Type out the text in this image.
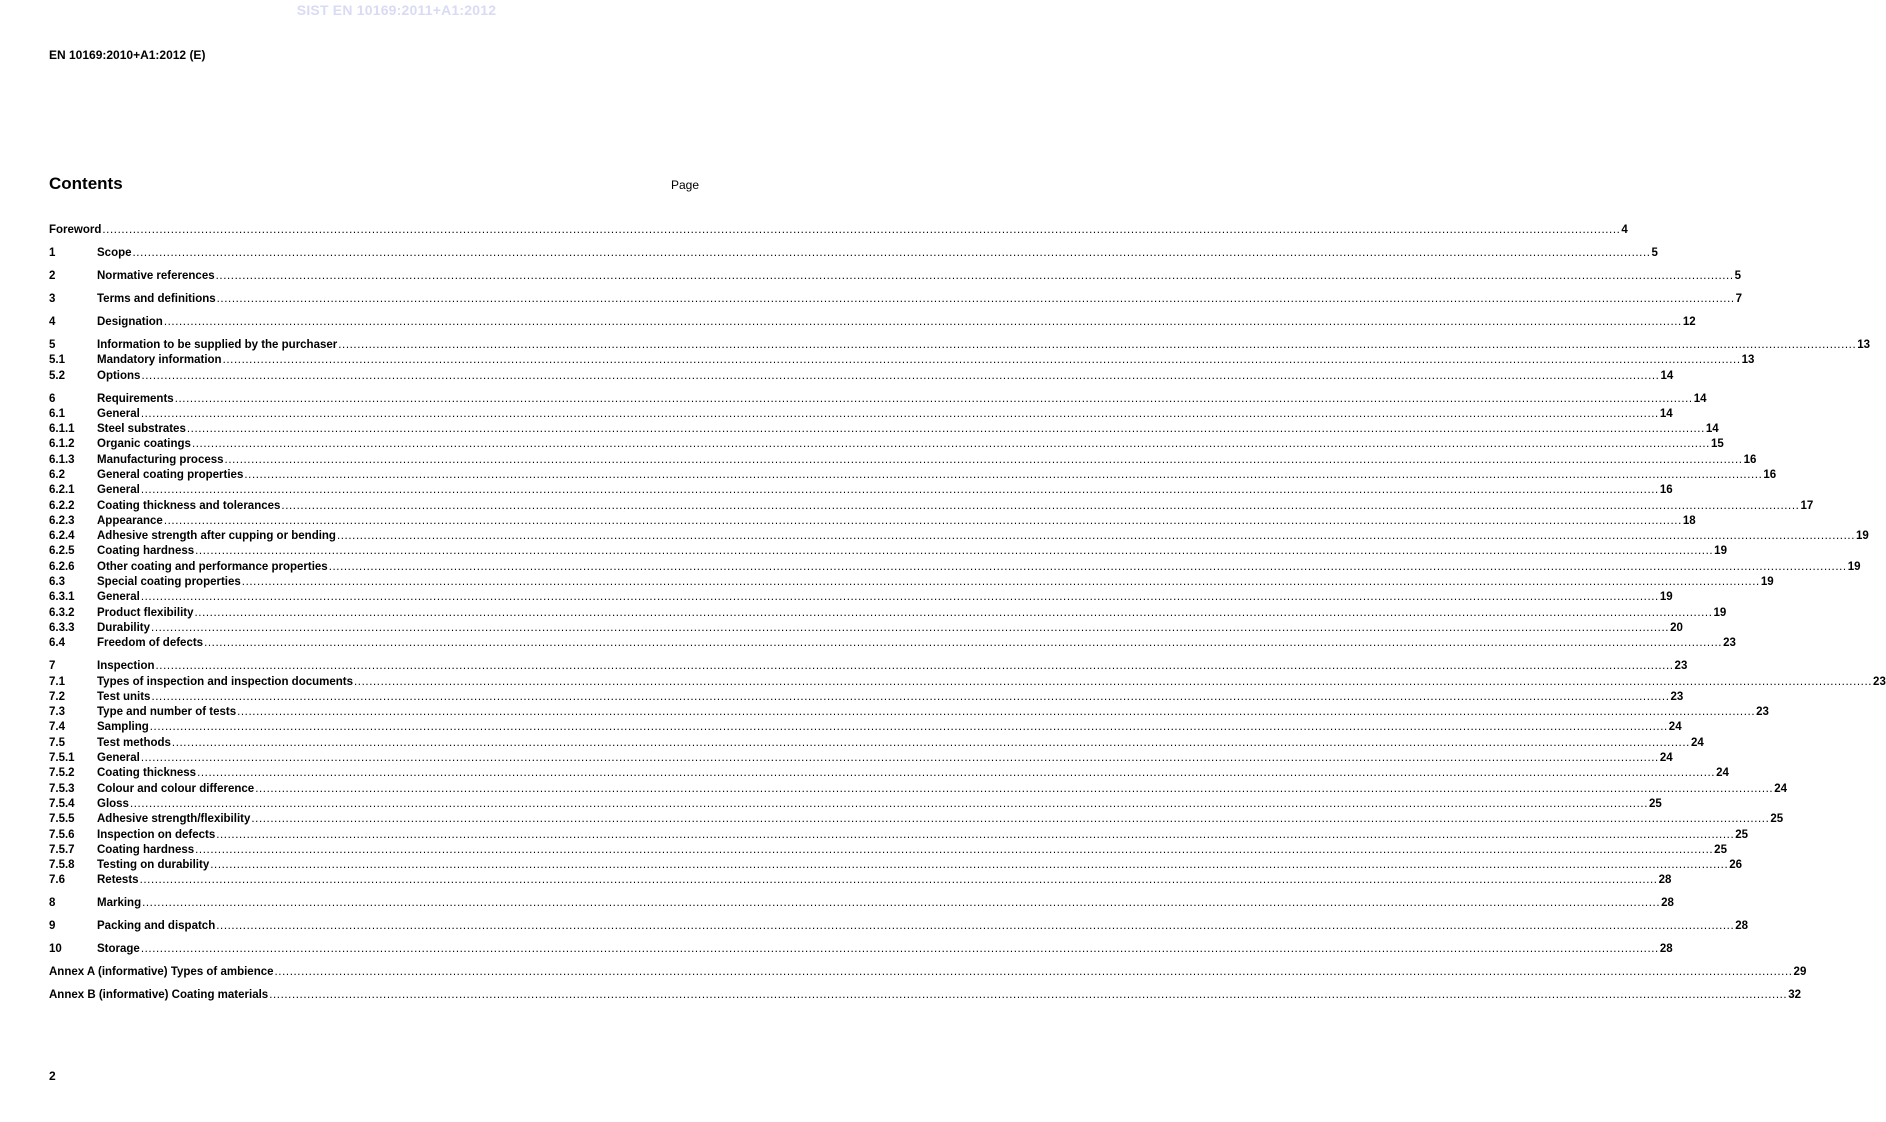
SIST EN 10169:2011+A1:2012
EN 10169:2010+A1:2012 (E)
Contents	Page
Foreword ................................................................................................................................................................................................................................................................................................................................................................................................................ 4
1	Scope ................................................................................................................................................................................................................................................................................................................................................................................................................ 5
2	Normative references ................................................................................................................................................................................................................................................................................................................................................................................................................ 5
3	Terms and definitions ................................................................................................................................................................................................................................................................................................................................................................................................................ 7
4	Designation ................................................................................................................................................................................................................................................................................................................................................................................................................ 12
5	Information to be supplied by the purchaser ................................................................................................................................................................................................................................................................................................................................................................................................................ 13
5.1	Mandatory information ................................................................................................................................................................................................................................................................................................................................................................................................................ 13
5.2	Options ................................................................................................................................................................................................................................................................................................................................................................................................................ 14
6	Requirements ................................................................................................................................................................................................................................................................................................................................................................................................................ 14
6.1	General ................................................................................................................................................................................................................................................................................................................................................................................................................ 14
6.1.1 Steel substrates ................................................................................................................................................................................................................................................................................................................................................................................................................ 14
6.1.2 Organic coatings ................................................................................................................................................................................................................................................................................................................................................................................................................ 15
6.1.3 Manufacturing process ................................................................................................................................................................................................................................................................................................................................................................................................................ 16
6.2	General coating properties ................................................................................................................................................................................................................................................................................................................................................................................................................ 16
6.2.1 General ................................................................................................................................................................................................................................................................................................................................................................................................................ 16
6.2.2 Coating thickness and tolerances ................................................................................................................................................................................................................................................................................................................................................................................................................ 17
6.2.3 Appearance ................................................................................................................................................................................................................................................................................................................................................................................................................ 18
6.2.4 Adhesive strength after cupping or bending ................................................................................................................................................................................................................................................................................................................................................................................................................ 19
6.2.5 Coating hardness ................................................................................................................................................................................................................................................................................................................................................................................................................ 19
6.2.6 Other coating and performance properties ................................................................................................................................................................................................................................................................................................................................................................................................................ 19
6.3	Special coating properties ................................................................................................................................................................................................................................................................................................................................................................................................................ 19
6.3.1 General ................................................................................................................................................................................................................................................................................................................................................................................................................ 19
6.3.2 Product flexibility ................................................................................................................................................................................................................................................................................................................................................................................................................ 19
6.3.3 Durability ................................................................................................................................................................................................................................................................................................................................................................................................................ 20
6.4	Freedom of defects ................................................................................................................................................................................................................................................................................................................................................................................................................ 23
7	Inspection ................................................................................................................................................................................................................................................................................................................................................................................................................ 23
7.1	Types of inspection and inspection documents ................................................................................................................................................................................................................................................................................................................................................................................................................ 23
7.2	Test units ................................................................................................................................................................................................................................................................................................................................................................................................................ 23
7.3	Type and number of tests ................................................................................................................................................................................................................................................................................................................................................................................................................ 23
7.4	Sampling ................................................................................................................................................................................................................................................................................................................................................................................................................ 24
7.5	Test methods ................................................................................................................................................................................................................................................................................................................................................................................................................ 24
7.5.1 General ................................................................................................................................................................................................................................................................................................................................................................................................................ 24
7.5.2 Coating thickness ................................................................................................................................................................................................................................................................................................................................................................................................................ 24
7.5.3 Colour and colour difference ................................................................................................................................................................................................................................................................................................................................................................................................................ 24
7.5.4 Gloss ................................................................................................................................................................................................................................................................................................................................................................................................................ 25
7.5.5 Adhesive strength/flexibility ................................................................................................................................................................................................................................................................................................................................................................................................................ 25
7.5.6 Inspection on defects ................................................................................................................................................................................................................................................................................................................................................................................................................ 25
7.5.7 Coating hardness ................................................................................................................................................................................................................................................................................................................................................................................................................ 25
7.5.8 Testing on durability ................................................................................................................................................................................................................................................................................................................................................................................................................ 26
7.6	Retests ................................................................................................................................................................................................................................................................................................................................................................................................................ 28
8	Marking ................................................................................................................................................................................................................................................................................................................................................................................................................ 28
9	Packing and dispatch ................................................................................................................................................................................................................................................................................................................................................................................................................ 28
10	Storage ................................................................................................................................................................................................................................................................................................................................................................................................................ 28
Annex A (informative) Types of ambience ................................................................................................................................................................................................................................................................................................................................................................................................................ 29
Annex B (informative) Coating materials ................................................................................................................................................................................................................................................................................................................................................................................................................ 32
2
